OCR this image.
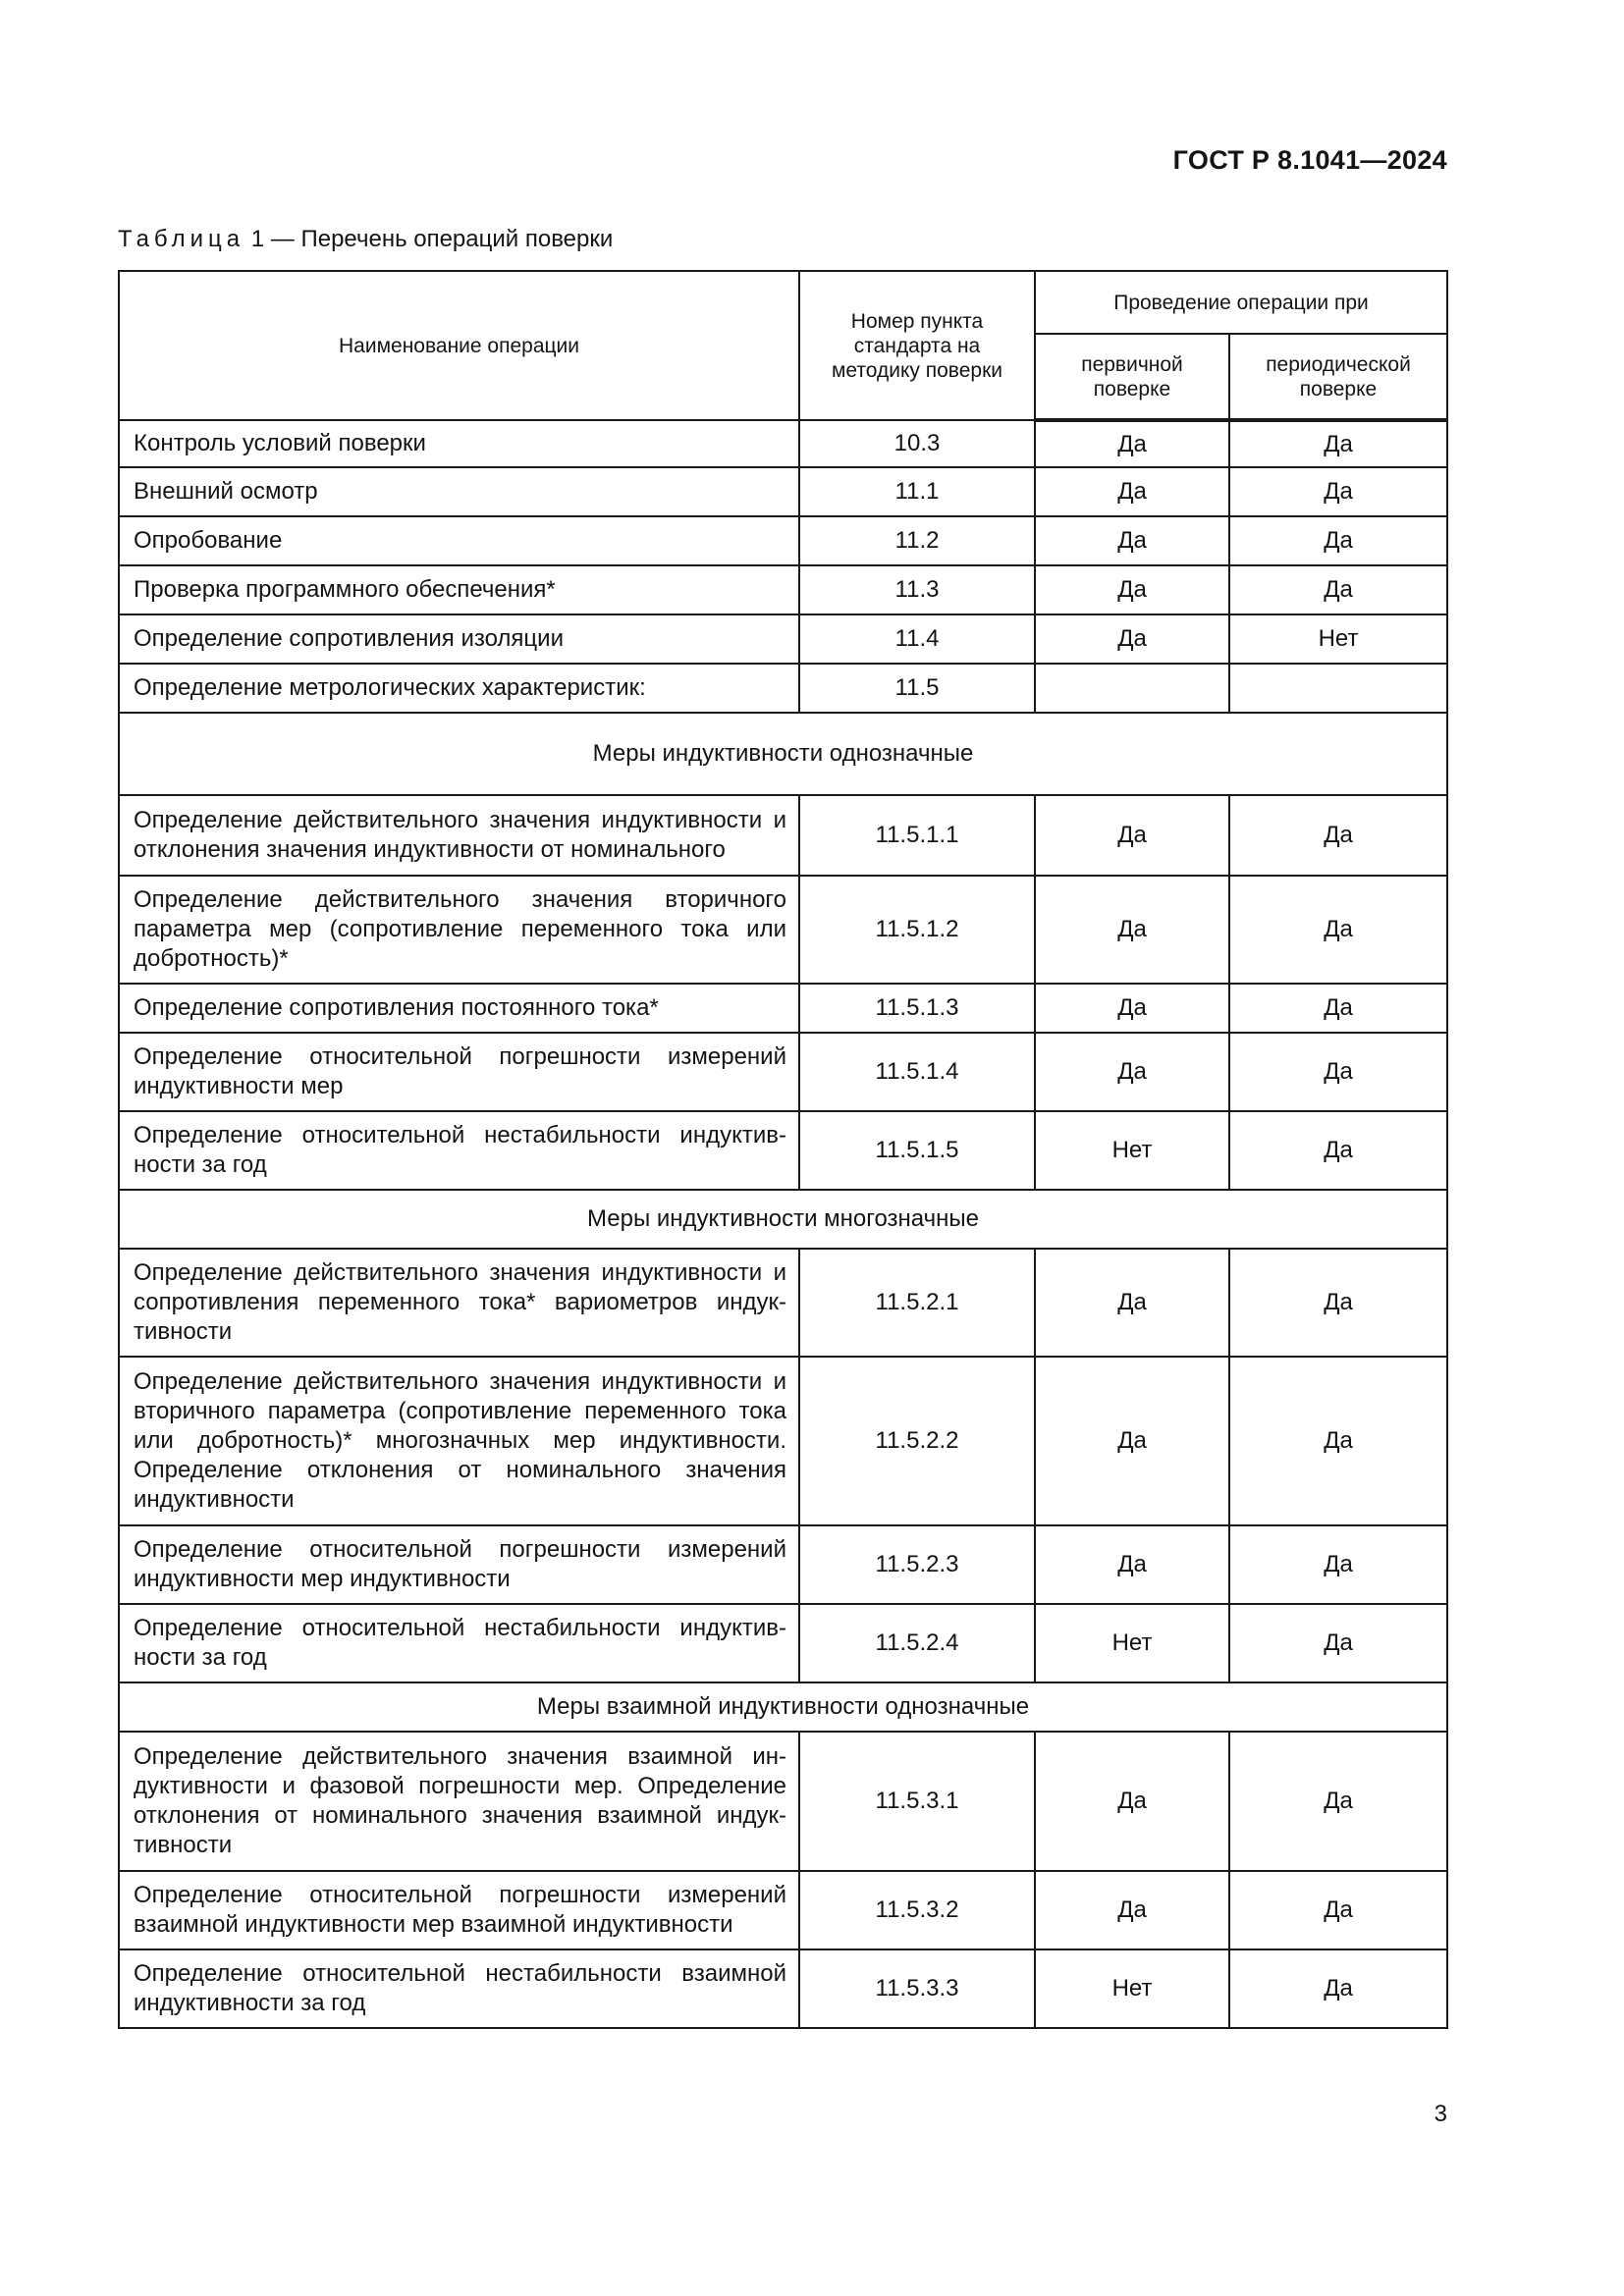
ГОСТ Р 8.1041—2024
Таблица 1 — Перечень операций поверки
Наименование операции	Номер пункта стандарта на методику поверки	Проведение операции при	
		первичной поверке	периодической поверке
Контроль условий поверки	10.3	Да	Да
Внешний осмотр	11.1	Да	Да
Опробование	11.2	Да	Да
Проверка программного обеспечения*	11.3	Да	Да
Определение сопротивления изоляции	11.4	Да	Нет
Определение метрологических характеристик:	11.5		
Меры индуктивности однозначные			
Определение действительного значения индуктивности и отклонения значения индуктивности от номинального	11.5.1.1	Да	Да
Определение действительного значения вторичного параметра мер (сопротивление переменного тока или добротность)*	11.5.1.2	Да	Да
Определение сопротивления постоянного тока*	11.5.1.3	Да	Да
Определение относительной погрешности измерений индуктивности мер	11.5.1.4	Да	Да
Определение относительной нестабильности индуктивности за год	11.5.1.5	Нет	Да
Меры индуктивности многозначные			
Определение действительного значения индуктивности и сопротивления переменного тока* вариометров индуктивности	11.5.2.1	Да	Да
Определение действительного значения индуктивности и вторичного параметра (сопротивление переменного тока или добротность)* многозначных мер индуктивности. Определение отклонения от номинального значения индуктивности	11.5.2.2	Да	Да
Определение относительной погрешности измерений индуктивности мер индуктивности	11.5.2.3	Да	Да
Определение относительной нестабильности индуктивности за год	11.5.2.4	Нет	Да
Меры взаимной индуктивности однозначные			
Определение действительного значения взаимной индуктивности и фазовой погрешности мер. Определение отклонения от номинального значения взаимной индуктивности	11.5.3.1	Да	Да
Определение относительной погрешности измерений взаимной индуктивности мер взаимной индуктивности	11.5.3.2	Да	Да
Определение относительной нестабильности взаимной индуктивности за год	11.5.3.3	Нет	Да
3
